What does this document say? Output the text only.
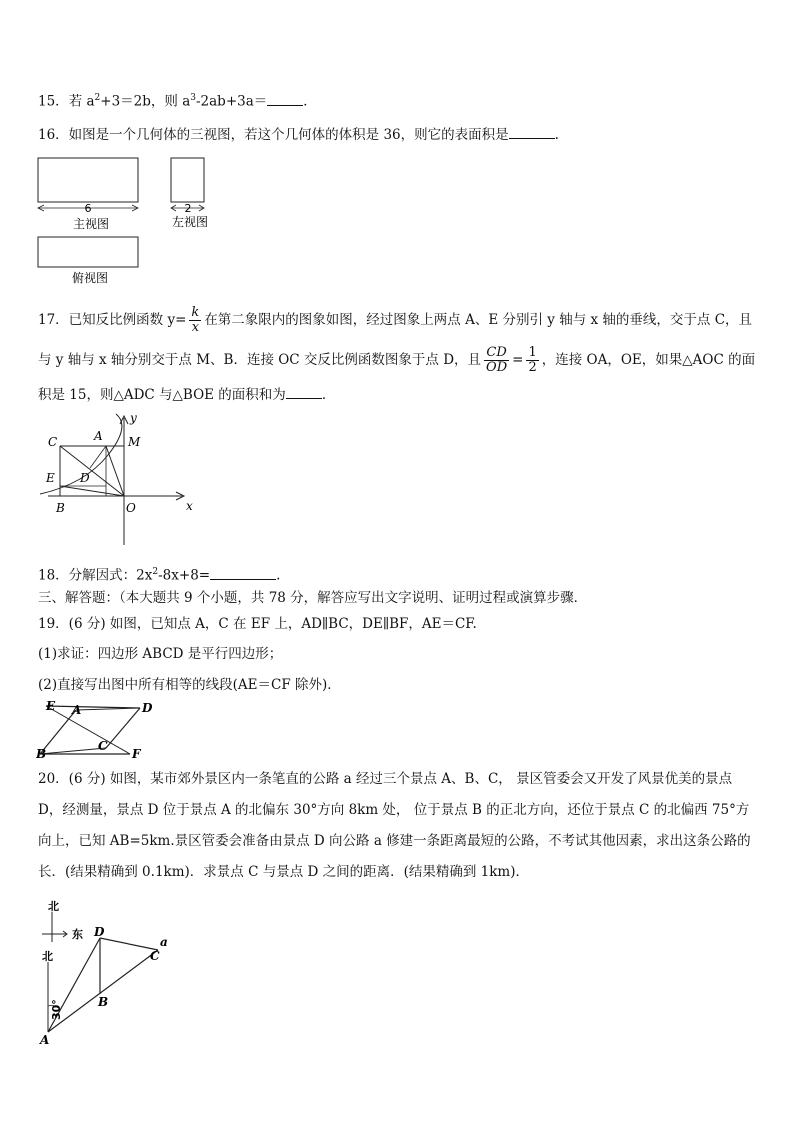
15．若 $a^2+3=2b$，则 $a^3-2ab+3a=$	．
16．如图是一个几何体的三视图，若这个几何体的体积是 36，则它的表面积是	.
6
主视图
2
左视图
俯视图
17．已知反比例函数 $y= \frac{k}{x}$ 在第二象限内的图象如图，经过图象上两点 A、E 分别引 y 轴与 x 轴的垂线，交于点 C，且
与 y 轴与 x 轴分别交于点 M、B．连接 OC 交反比例函数图象于点 D，且 $\frac{CD}{OD} = \frac{1}{2}$ ，连接 OA，OE，如果△AOC 的面
积是 15，则△ADC 与△BOE 的面积和为	．
y
x
C	A M
E D
B	O
18．分解因式：$2x^2-8x+8=$	.
三、解答题：（本大题共 9 个小题，共 78 分，解答应写出文字说明、证明过程或演算步骤．
19．(6 分) 如图，已知点 A，C 在 EF 上，AD∥BC，DE∥BF，AE＝CF.
(1)求证：四边形 ABCD 是平行四边形；
(2)直接写出图中所有相等的线段(AE＝CF 除外)．
E A	D
B
C
F
20．(6 分) 如图，某市郊外景区内一条笔直的公路 a 经过三个景点 A、B、C， 景区管委会又开发了风景优美的景点
D，经测量，景点 D 位于景点 A 的北偏东 30°方向 8km 处， 位于景点 B 的正北方向，还位于景点 C 的北偏西 75°方
向上，已知 AB=5km.景区管委会准备由景点 D 向公路 a 修建一条距离最短的公路，不考试其他因素，求出这条公路的
长．(结果精确到 0.1km)．求景点 C 与景点 D 之间的距离．(结果精确到 1km)．
北
东
北
30°
D
a
C
B
A
